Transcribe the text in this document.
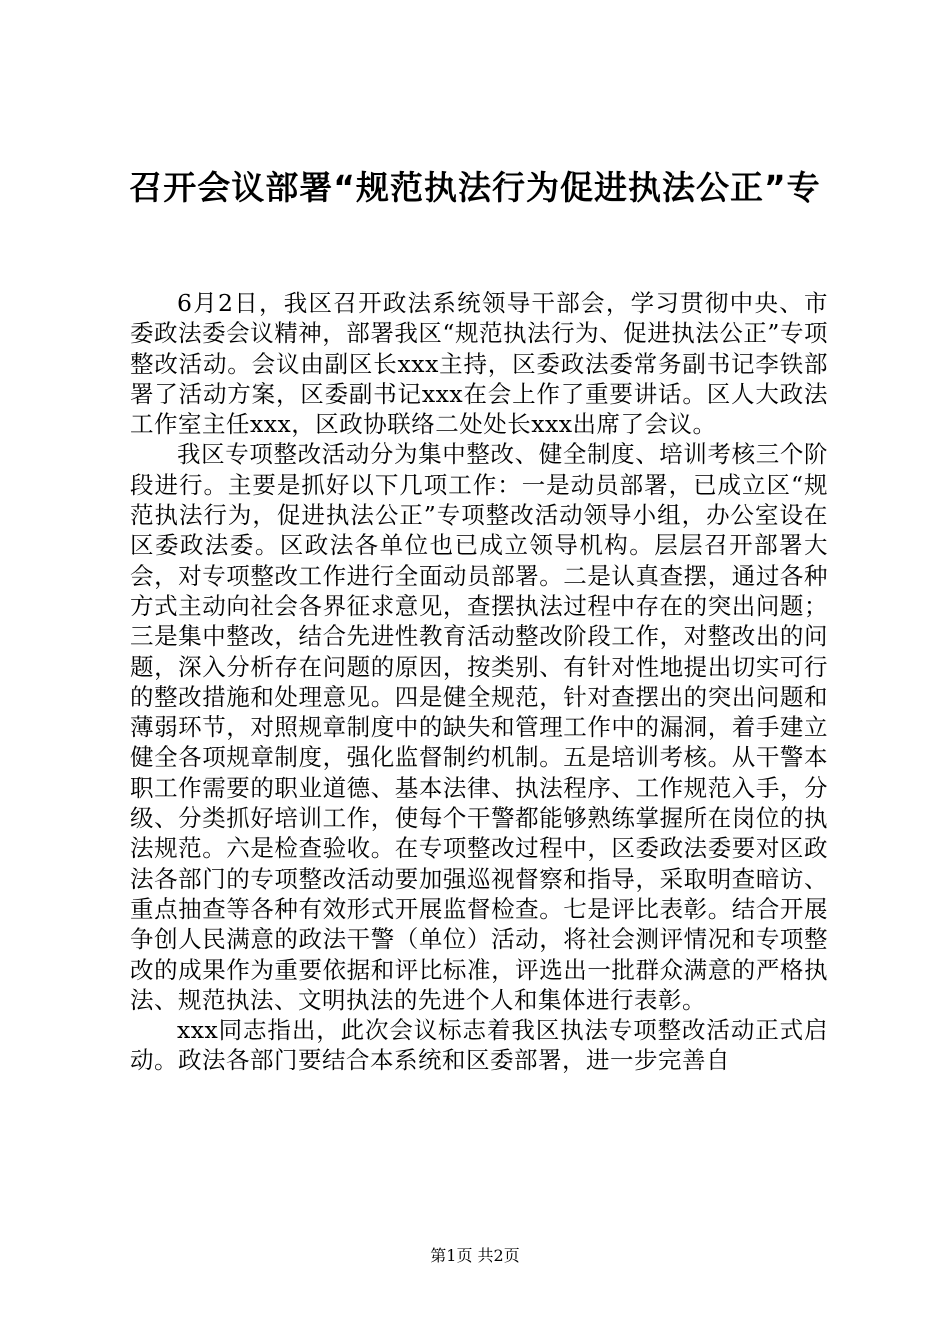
召开会议部署“规范执法行为促进执法公正”专

6月2日，我区召开政法系统领导干部会，学习贯彻中央、市委政法委会议精神，部署我区“规范执法行为、促进执法公正”专项整改活动。会议由副区长xxx主持，区委政法委常务副书记李铁部署了活动方案，区委副书记xxx在会上作了重要讲话。区人大政法工作室主任xxx，区政协联络二处处长xxx出席了会议。

我区专项整改活动分为集中整改、健全制度、培训考核三个阶段进行。主要是抓好以下几项工作：一是动员部署，已成立区“规范执法行为，促进执法公正”专项整改活动领导小组，办公室设在区委政法委。区政法各单位也已成立领导机构。层层召开部署大会，对专项整改工作进行全面动员部署。二是认真查摆，通过各种方式主动向社会各界征求意见，查摆执法过程中存在的突出问题；三是集中整改，结合先进性教育活动整改阶段工作，对整改出的问题，深入分析存在问题的原因，按类别、有针对性地提出切实可行的整改措施和处理意见。四是健全规范，针对查摆出的突出问题和薄弱环节，对照规章制度中的缺失和管理工作中的漏洞，着手建立健全各项规章制度，强化监督制约机制。五是培训考核。从干警本职工作需要的职业道德、基本法律、执法程序、工作规范入手，分级、分类抓好培训工作，使每个干警都能够熟练掌握所在岗位的执法规范。六是检查验收。在专项整改过程中，区委政法委要对区政法各部门的专项整改活动要加强巡视督察和指导，采取明查暗访、重点抽查等各种有效形式开展监督检查。七是评比表彰。结合开展争创人民满意的政法干警（单位）活动，将社会测评情况和专项整改的成果作为重要依据和评比标准，评选出一批群众满意的严格执法、规范执法、文明执法的先进个人和集体进行表彰。

xxx同志指出，此次会议标志着我区执法专项整改活动正式启动。政法各部门要结合本系统和区委部署，进一步完善自

第1页 共2页
